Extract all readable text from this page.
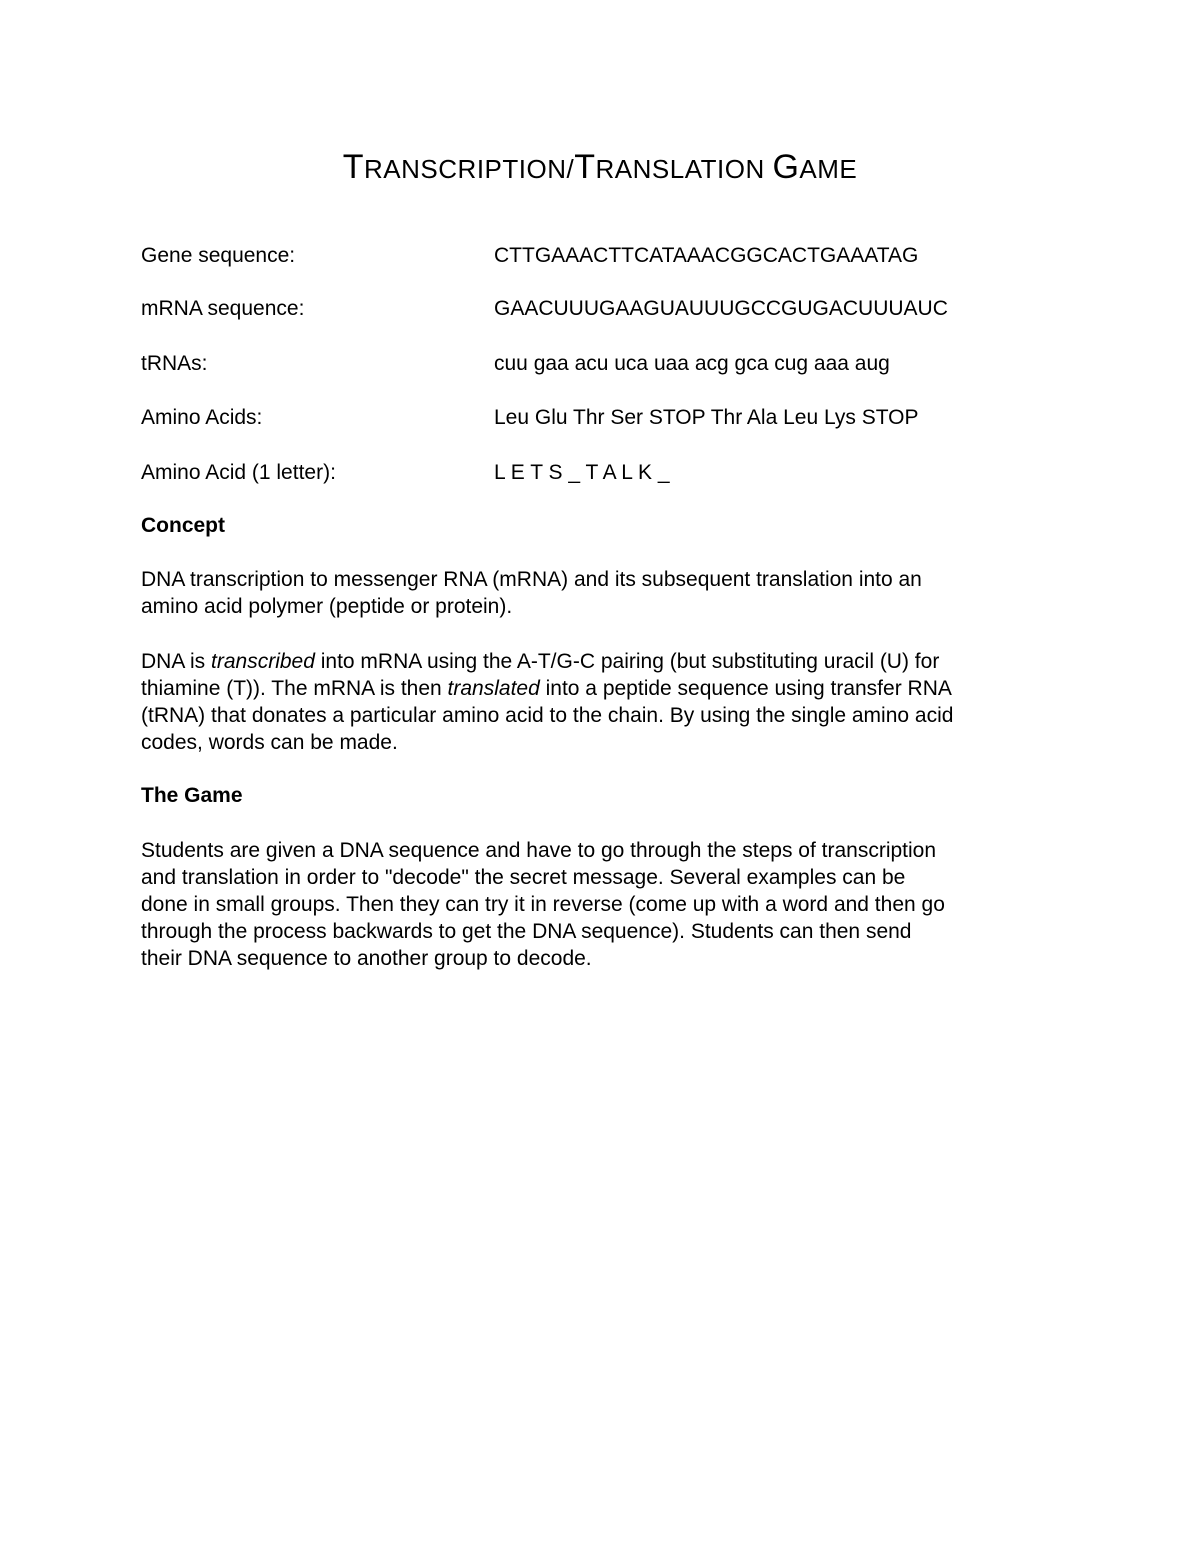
TRANSCRIPTION/TRANSLATION GAME
Gene sequence:	CTTGAAACTTCATAAACGGCACTGAAATAG
mRNA sequence:	GAACUUUGAAGUAUUUGCCGUGACUUUAUC
tRNAs:	cuu gaa acu uca uaa acg gca cug aaa aug
Amino Acids:	Leu Glu Thr Ser STOP Thr Ala Leu Lys STOP
Amino Acid (1 letter):	L E T S _ T A L K _
Concept
DNA transcription to messenger RNA (mRNA) and its subsequent translation into an
amino acid polymer (peptide or protein).
DNA is transcribed into mRNA using the A-T/G-C pairing (but substituting uracil (U) for
thiamine (T)). The mRNA is then translated into a peptide sequence using transfer RNA
(tRNA) that donates a particular amino acid to the chain. By using the single amino acid
codes, words can be made.
The Game
Students are given a DNA sequence and have to go through the steps of transcription
and translation in order to "decode" the secret message. Several examples can be
done in small groups. Then they can try it in reverse (come up with a word and then go
through the process backwards to get the DNA sequence). Students can then send
their DNA sequence to another group to decode.
